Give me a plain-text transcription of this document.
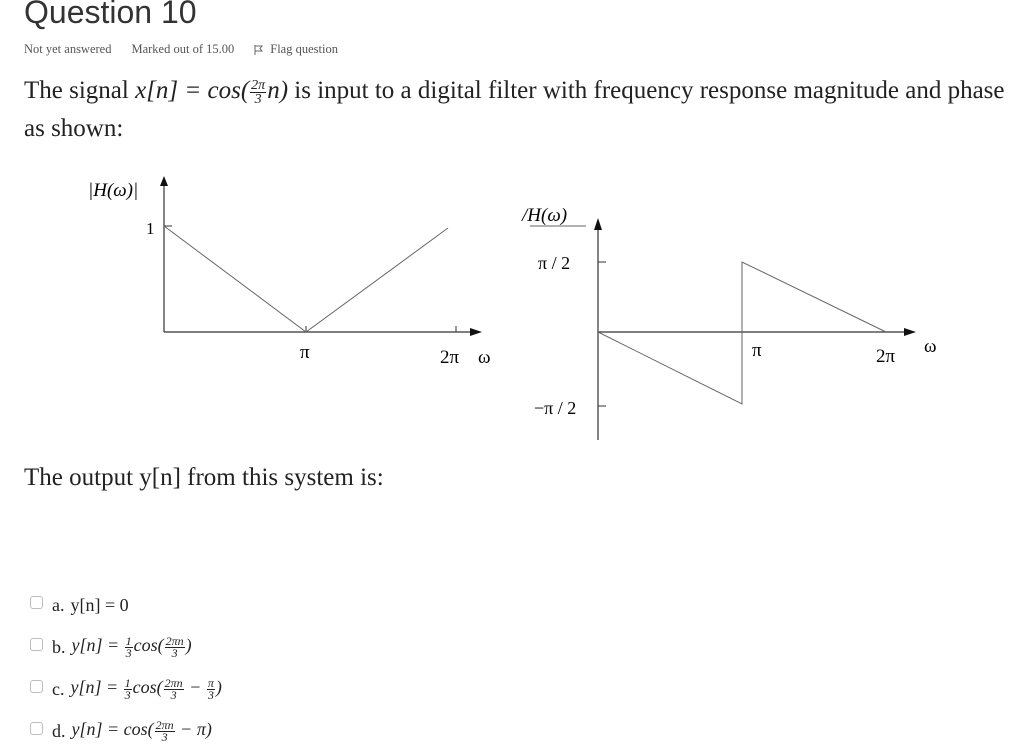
Question 10
Not yet answered Marked out of 15.00	Flag question
The signal $x[n] = \cos( \frac{2\pi}{3} n)$ is input to a digital filter with frequency response magnitude and phase as shown:
|H(ω)|
1
π	2π ω
/H(ω)
π / 2
−π / 2
π	2π ω
The output y[n] from this system is:
a. y[n] = 0
b. $y[n] = \frac{1}{3} \cos( \frac{2\pi n}{3}$ )
c. $y[n] = \frac{1}{3} \cos( \frac{2\pi n}{3} - \frac{\pi}{3}$ )
d. $y[n] = \cos( \frac{2\pi n}{3} - \pi)$
